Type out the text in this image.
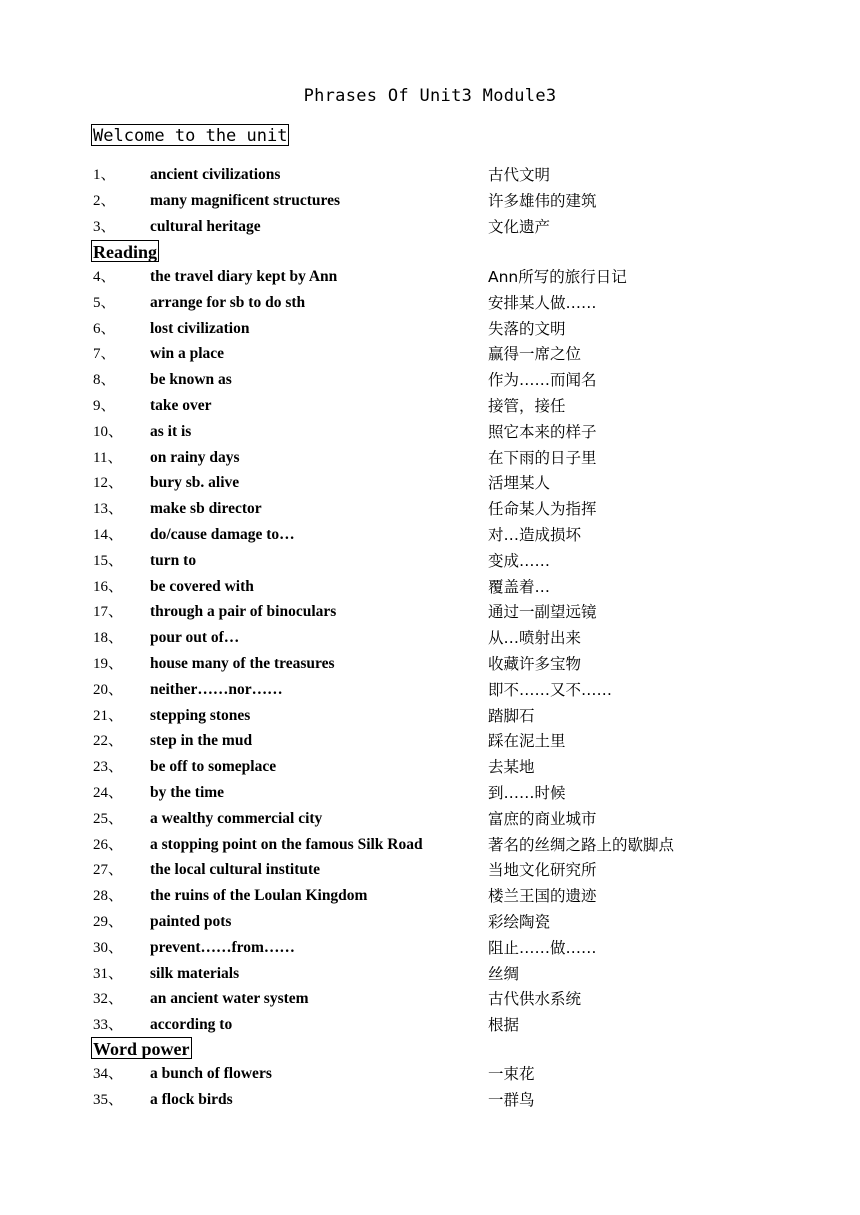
Phrases Of Unit3 Module3
Welcome to the unit
1、 ancient civilizations	古代文明
2、 many magnificent structures	许多雄伟的建筑
3、 cultural heritage	文化遗产
Reading
4、 the travel diary kept by Ann	Ann所写的旅行日记
5、 arrange for sb to do sth	安排某人做……
6、 lost civilization	失落的文明
7、 win a place	赢得一席之位
8、 be known as	作为……而闻名
9、 take over	接管，接任
10、 as it is	照它本来的样子
11、 on rainy days	在下雨的日子里
12、 bury sb. alive	活埋某人
13、 make sb director	任命某人为指挥
14、 do/cause damage to…	对…造成损坏
15、 turn to	变成……
16、 be covered with	覆盖着…
17、 through a pair of binoculars	通过一副望远镜
18、 pour out of…	从…喷射出来
19、 house many of the treasures	收藏许多宝物
20、 neither……nor……	即不……又不……
21、 stepping stones	踏脚石
22、 step in the mud	踩在泥土里
23、 be off to someplace	去某地
24、 by the time	到……时候
25、 a wealthy commercial city	富庶的商业城市
26、 a stopping point on the famous Silk Road	著名的丝绸之路上的歇脚点
27、 the local cultural institute	当地文化研究所
28、 the ruins of the Loulan Kingdom	楼兰王国的遗迹
29、 painted pots	彩绘陶瓷
30、 prevent……from……	阻止……做……
31、 silk materials	丝绸
32、 an ancient water system	古代供水系统
33、 according to	根据
Word power
34、 a bunch of flowers	一束花
35、 a flock birds	一群鸟
